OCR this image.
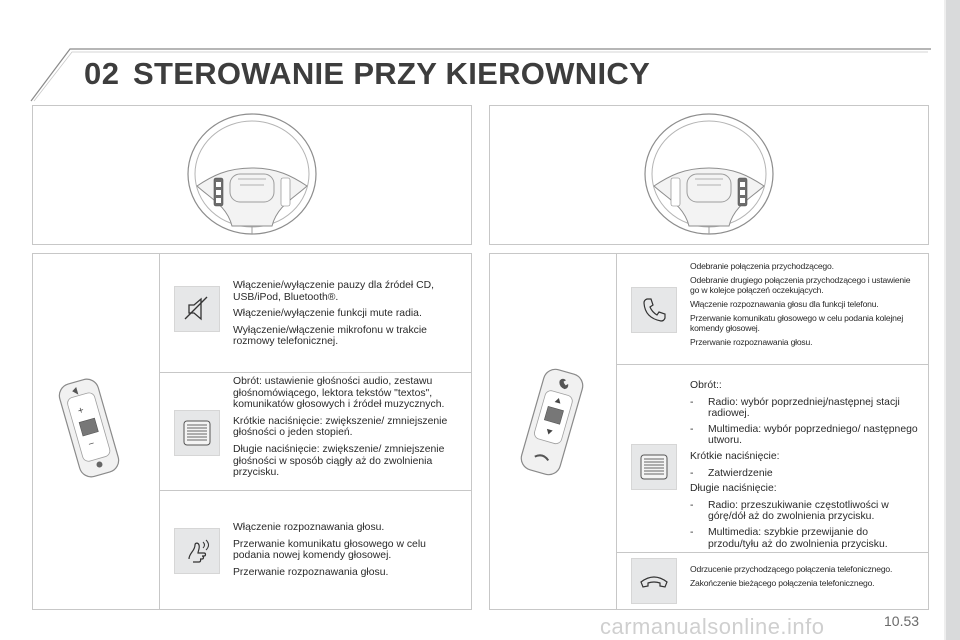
02 STEROWANIE PRZY KIEROWNICY
+
−

Włączenie/wyłączenie pauzy dla źródeł CD, USB/iPod, Bluetooth®.

Włączenie/wyłączenie funkcji mute radia.

Wyłączenie/włączenie mikrofonu w trakcie rozmowy telefonicznej.

Obrót: ustawienie głośności audio, zestawu głośnomówiącego, lektora tekstów "textos", komunikatów głosowych i źródeł muzycznych.

Krótkie naciśnięcie: zwiększenie/ zmniejszenie głośności o jeden stopień.

Długie naciśnięcie: zwiększenie/ zmniejszenie głośności w sposób ciągły aż do zwolnienia przycisku.

Włączenie rozpoznawania głosu.

Przerwanie komunikatu głosowego w celu podania nowej komendy głosowej.

Przerwanie rozpoznawania głosu.

Odebranie połączenia przychodzącego.

Odebranie drugiego połączenia przychodzącego i ustawienie go w kolejce połączeń oczekujących.

Włączenie rozpoznawania głosu dla funkcji telefonu.

Przerwanie komunikatu głosowego w celu podania kolejnej komendy głosowej.

Przerwanie rozpoznawania głosu.

Obrót::

-	Radio: wybór poprzedniej/następnej stacji radiowej.
-	Multimedia: wybór poprzedniego/ następnego utworu.

Krótkie naciśnięcie:

-	Zatwierdzenie

Długie naciśnięcie:

-	Radio: przeszukiwanie częstotliwości w górę/dół aż do zwolnienia przycisku.
-	Multimedia: szybkie przewijanie do przodu/tyłu aż do zwolnienia przycisku.

Odrzucenie przychodzącego połączenia telefonicznego.

Zakończenie bieżącego połączenia telefonicznego.

carmanualsonline.info	10.53
